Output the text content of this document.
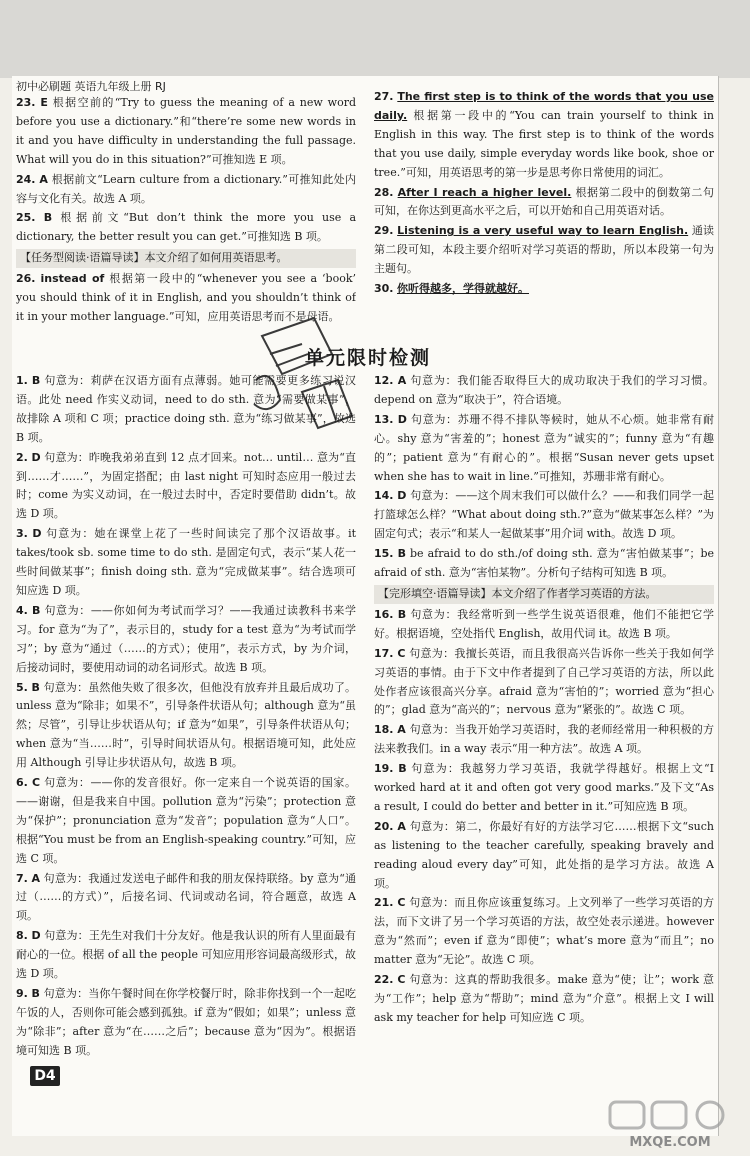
初中必刷题 英语九年级上册 RJ
23. E 根据空前的“Try to guess the meaning of a new word before you use a dictionary.”和“there’re some new words in it and you have difficulty in understanding the full passage. What will you do in this situation?”可推知选 E 项。
24. A 根据前文“Learn culture from a dictionary.”可推知此处内容与文化有关。故选 A 项。
25. B 根据前文“But don’t think the more you use a dictionary, the better result you can get.”可推知选 B 项。
【任务型阅读·语篇导读】本文介绍了如何用英语思考。
26. instead of 根据第一段中的“whenever you see a ‘book’ you should think of it in English, and you shouldn’t think of it in your mother language.”可知，应用英语思考而不是母语。
27. The first step is to think of the words that you use daily. 根据第一段中的“You can train yourself to think in English in this way. The first step is to think of the words that you use daily, simple everyday words like book, shoe or tree.”可知，用英语思考的第一步是思考你日常使用的词汇。
28. After I reach a higher level. 根据第二段中的倒数第二句可知，在你达到更高水平之后，可以开始和自己用英语对话。
29. Listening is a very useful way to learn English. 通读第二段可知，本段主要介绍听对学习英语的帮助，所以本段第一句为主题句。
30. 你听得越多，学得就越好。
单元限时检测
1. B 句意为：莉萨在汉语方面有点薄弱。她可能需要更多练习说汉语。此处 need 作实义动词，need to do sth. 意为“需要做某事”，故排除 A 项和 C 项；practice doing sth. 意为“练习做某事”，故选 B 项。
2. D 句意为：昨晚我弟弟直到 12 点才回来。not… until… 意为“直到……才……”，为固定搭配；由 last night 可知时态应用一般过去时；come 为实义动词，在一般过去时中，否定时要借助 didn’t。故选 D 项。
3. D 句意为：她在课堂上花了一些时间读完了那个汉语故事。it takes/took sb. some time to do sth. 是固定句式，表示“某人花一些时间做某事”；finish doing sth. 意为“完成做某事”。结合选项可知应选 D 项。
4. B 句意为：——你如何为考试而学习？——我通过读教科书来学习。for 意为“为了”，表示目的，study for a test 意为“为考试而学习”；by 意为“通过（……的方式）；使用”，表示方式，by 为介词，后接动词时，要使用动词的动名词形式。故选 B 项。
5. B 句意为：虽然他失败了很多次，但他没有放弃并且最后成功了。unless 意为“除非；如果不”，引导条件状语从句；although 意为“虽然；尽管”，引导让步状语从句；if 意为“如果”，引导条件状语从句；when 意为“当……时”，引导时间状语从句。根据语境可知，此处应用 Although 引导让步状语从句，故选 B 项。
6. C 句意为：——你的发音很好。你一定来自一个说英语的国家。——谢谢，但是我来自中国。pollution 意为“污染”；protection 意为“保护”；pronunciation 意为“发音”；population 意为“人口”。根据“You must be from an English-speaking country.”可知，应选 C 项。
7. A 句意为：我通过发送电子邮件和我的朋友保持联络。by 意为“通过（……的方式）”，后接名词、代词或动名词，符合题意，故选 A 项。
8. D 句意为：王先生对我们十分友好。他是我认识的所有人里面最有耐心的一位。根据 of all the people 可知应用形容词最高级形式，故选 D 项。
9. B 句意为：当你午餐时间在你学校餐厅时，除非你找到一个一起吃午饭的人，否则你可能会感到孤独。if 意为“假如；如果”；unless 意为“除非”；after 意为“在……之后”；because 意为“因为”。根据语境可知选 B 项。
12. A 句意为：我们能否取得巨大的成功取决于我们的学习习惯。depend on 意为“取决于”，符合语境。
13. D 句意为：苏珊不得不排队等候时，她从不心烦。她非常有耐心。shy 意为“害羞的”；honest 意为“诚实的”；funny 意为“有趣的”；patient 意为“有耐心的”。根据“Susan never gets upset when she has to wait in line.”可推知，苏珊非常有耐心。
14. D 句意为：——这个周末我们可以做什么？——和我们同学一起打篮球怎么样？“What about doing sth.?”意为“做某事怎么样？”为固定句式；表示“和某人一起做某事”用介词 with。故选 D 项。
15. B be afraid to do sth./of doing sth. 意为“害怕做某事”；be afraid of sth. 意为“害怕某物”。分析句子结构可知选 B 项。
【完形填空·语篇导读】本文介绍了作者学习英语的方法。
16. B 句意为：我经常听到一些学生说英语很难，他们不能把它学好。根据语境，空处指代 English，故用代词 it。故选 B 项。
17. C 句意为：我擅长英语，而且我很高兴告诉你一些关于我如何学习英语的事情。由于下文中作者提到了自己学习英语的方法，所以此处作者应该很高兴分享。afraid 意为“害怕的”；worried 意为“担心的”；glad 意为“高兴的”；nervous 意为“紧张的”。故选 C 项。
18. A 句意为：当我开始学习英语时，我的老师经常用一种积极的方法来教我们。in a way 表示“用一种方法”。故选 A 项。
19. B 句意为：我越努力学习英语，我就学得越好。根据上文“I worked hard at it and often got very good marks.”及下文“As a result, I could do better and better in it.”可知应选 B 项。
20. A 句意为：第二，你最好有好的方法学习它……根据下文“such as listening to the teacher carefully, speaking bravely and reading aloud every day”可知，此处指的是学习方法。故选 A 项。
21. C 句意为：而且你应该重复练习。上文列举了一些学习英语的方法，而下文讲了另一个学习英语的方法，故空处表示递进。however 意为“然而”；even if 意为“即使”；what’s more 意为“而且”；no matter 意为“无论”。故选 C 项。
22. C 句意为：这真的帮助我很多。make 意为“使；让”；work 意为“工作”；help 意为“帮助”；mind 意为“介意”。根据上文 I will ask my teacher for help 可知应选 C 项。
D4
MXQE.COM
